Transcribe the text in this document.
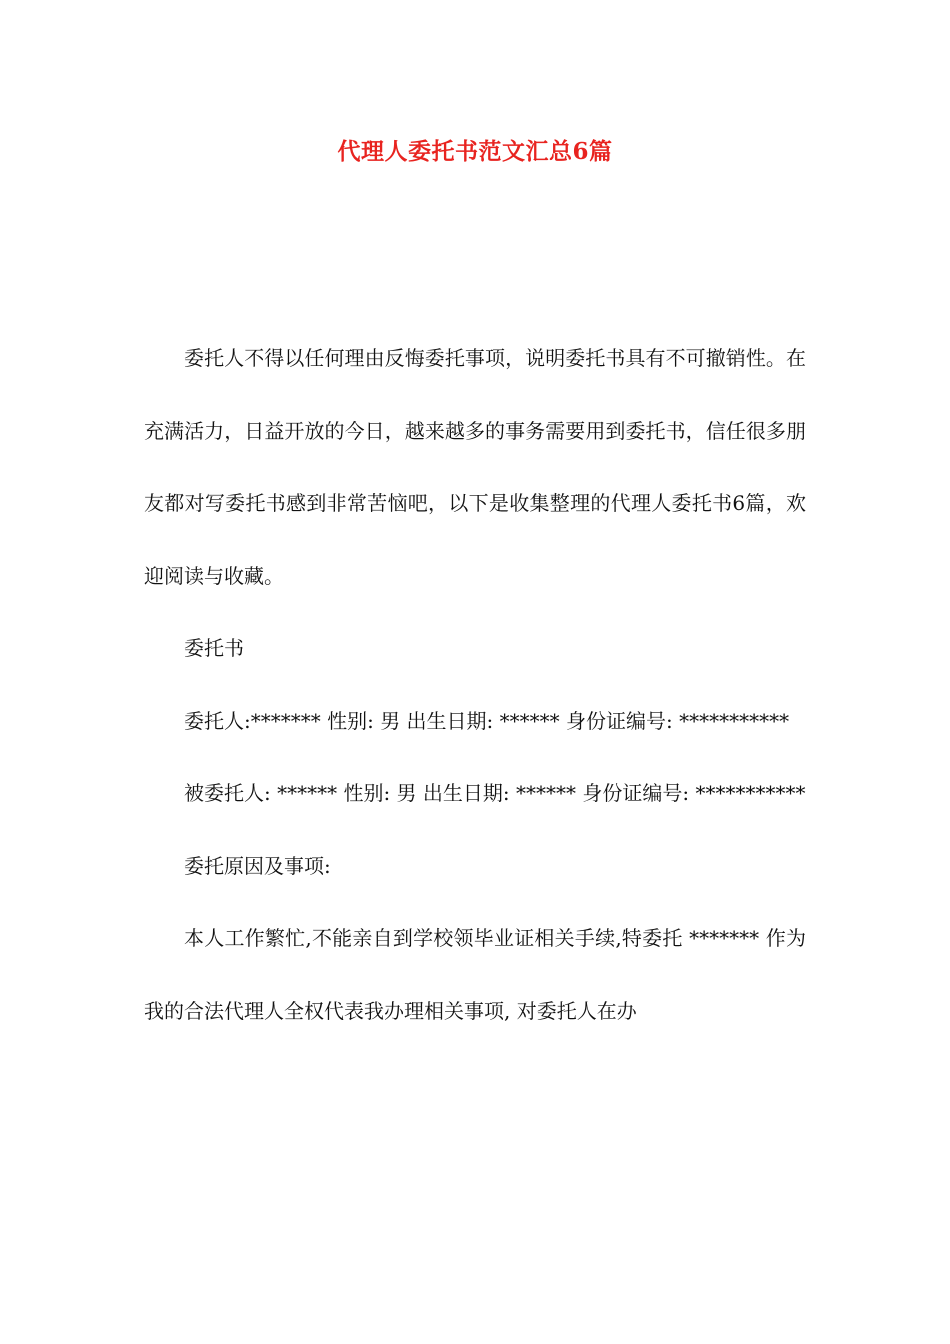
代理人委托书范文汇总6篇

委托人不得以任何理由反悔委托事项，说明委托书具有不可撤销性。在充满活力，日益开放的今日，越来越多的事务需要用到委托书，信任很多朋友都对写委托书感到非常苦恼吧，以下是收集整理的代理人委托书6篇，欢迎阅读与收藏。

委托书

委托人:******* 性别: 男 出生日期: ****** 身份证编号: ***********

被委托人: ****** 性别: 男 出生日期: ****** 身份证编号: ***********

委托原因及事项:

本人工作繁忙,不能亲自到学校领毕业证相关手续,特委托 ******* 作为我的合法代理人全权代表我办理相关事项, 对委托人在办
